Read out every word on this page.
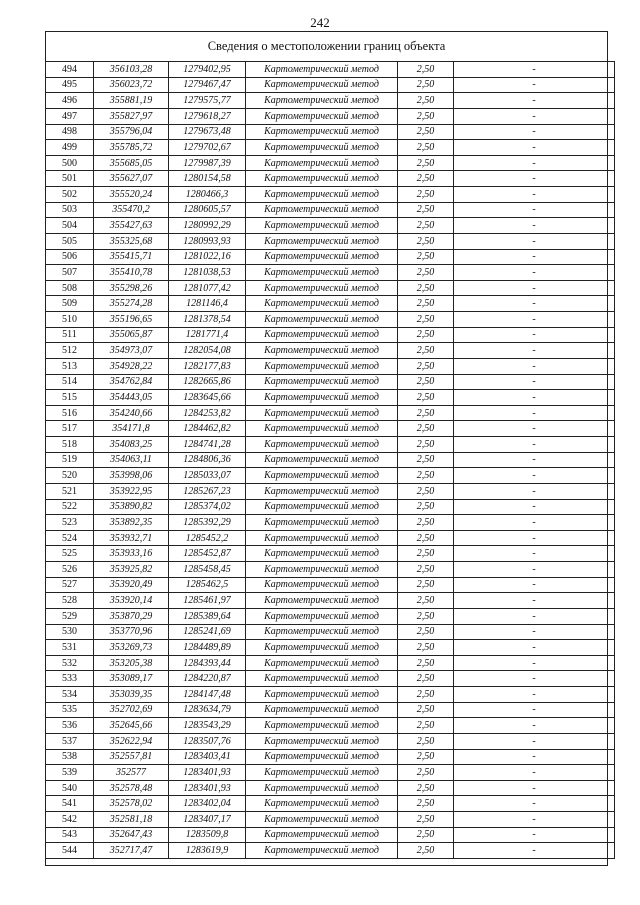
242
Сведения о местоположении границ объекта
494	356103,28	1279402,95	Картометрический метод	2,50	-
495	356023,72	1279467,47	Картометрический метод	2,50	-
496	355881,19	1279575,77	Картометрический метод	2,50	-
497	355827,97	1279618,27	Картометрический метод	2,50	-
498	355796,04	1279673,48	Картометрический метод	2,50	-
499	355785,72	1279702,67	Картометрический метод	2,50	-
500	355685,05	1279987,39	Картометрический метод	2,50	-
501	355627,07	1280154,58	Картометрический метод	2,50	-
502	355520,24	1280466,3	Картометрический метод	2,50	-
503	355470,2	1280605,57	Картометрический метод	2,50	-
504	355427,63	1280992,29	Картометрический метод	2,50	-
505	355325,68	1280993,93	Картометрический метод	2,50	-
506	355415,71	1281022,16	Картометрический метод	2,50	-
507	355410,78	1281038,53	Картометрический метод	2,50	-
508	355298,26	1281077,42	Картометрический метод	2,50	-
509	355274,28	1281146,4	Картометрический метод	2,50	-
510	355196,65	1281378,54	Картометрический метод	2,50	-
511	355065,87	1281771,4	Картометрический метод	2,50	-
512	354973,07	1282054,08	Картометрический метод	2,50	-
513	354928,22	1282177,83	Картометрический метод	2,50	-
514	354762,84	1282665,86	Картометрический метод	2,50	-
515	354443,05	1283645,66	Картометрический метод	2,50	-
516	354240,66	1284253,82	Картометрический метод	2,50	-
517	354171,8	1284462,82	Картометрический метод	2,50	-
518	354083,25	1284741,28	Картометрический метод	2,50	-
519	354063,11	1284806,36	Картометрический метод	2,50	-
520	353998,06	1285033,07	Картометрический метод	2,50	-
521	353922,95	1285267,23	Картометрический метод	2,50	-
522	353890,82	1285374,02	Картометрический метод	2,50	-
523	353892,35	1285392,29	Картометрический метод	2,50	-
524	353932,71	1285452,2	Картометрический метод	2,50	-
525	353933,16	1285452,87	Картометрический метод	2,50	-
526	353925,82	1285458,45	Картометрический метод	2,50	-
527	353920,49	1285462,5	Картометрический метод	2,50	-
528	353920,14	1285461,97	Картометрический метод	2,50	-
529	353870,29	1285389,64	Картометрический метод	2,50	-
530	353770,96	1285241,69	Картометрический метод	2,50	-
531	353269,73	1284489,89	Картометрический метод	2,50	-
532	353205,38	1284393,44	Картометрический метод	2,50	-
533	353089,17	1284220,87	Картометрический метод	2,50	-
534	353039,35	1284147,48	Картометрический метод	2,50	-
535	352702,69	1283634,79	Картометрический метод	2,50	-
536	352645,66	1283543,29	Картометрический метод	2,50	-
537	352622,94	1283507,76	Картометрический метод	2,50	-
538	352557,81	1283403,41	Картометрический метод	2,50	-
539	352577	1283401,93	Картометрический метод	2,50	-
540	352578,48	1283401,93	Картометрический метод	2,50	-
541	352578,02	1283402,04	Картометрический метод	2,50	-
542	352581,18	1283407,17	Картометрический метод	2,50	-
543	352647,43	1283509,8	Картометрический метод	2,50	-
544	352717,47	1283619,9	Картометрический метод	2,50	-
